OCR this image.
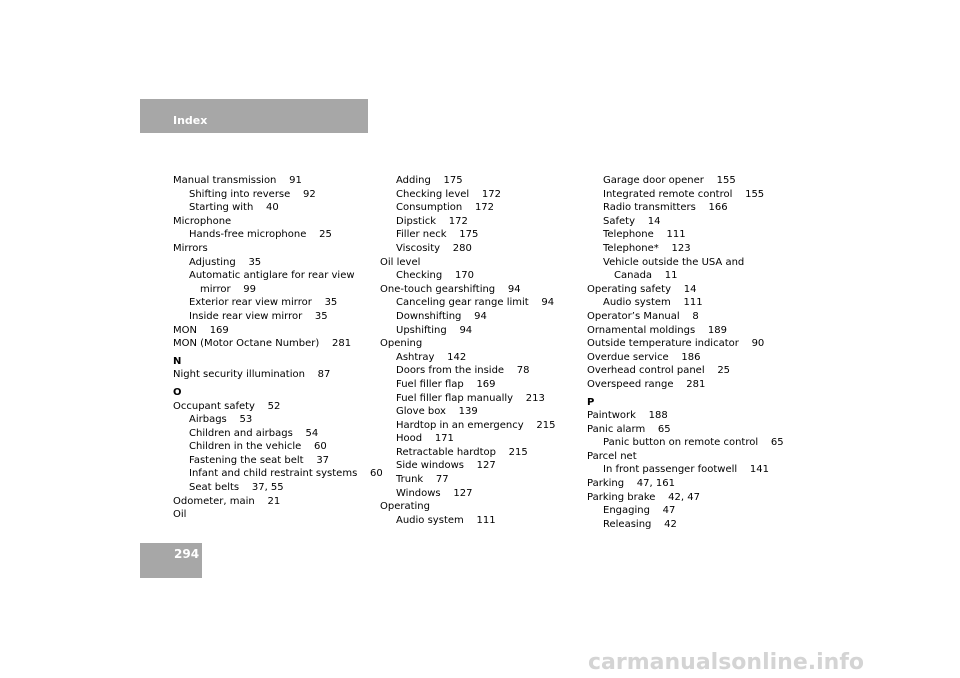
Index
Manual transmission    91
Shifting into reverse    92
Starting with    40
Microphone
Hands-free microphone    25
Mirrors
Adjusting    35
Automatic antiglare for rear view
mirror    99
Exterior rear view mirror    35
Inside rear view mirror    35
MON    169
MON (Motor Octane Number)    281
N
Night security illumination    87
O
Occupant safety    52
Airbags    53
Children and airbags    54
Children in the vehicle    60
Fastening the seat belt    37
Infant and child restraint systems    60
Seat belts    37, 55
Odometer, main    21
Oil
Adding    175
Checking level    172
Consumption    172
Dipstick    172
Filler neck    175
Viscosity    280
Oil level
Checking    170
One-touch gearshifting    94
Canceling gear range limit    94
Downshifting    94
Upshifting    94
Opening
Ashtray    142
Doors from the inside    78
Fuel filler flap    169
Fuel filler flap manually    213
Glove box    139
Hardtop in an emergency    215
Hood    171
Retractable hardtop    215
Side windows    127
Trunk    77
Windows    127
Operating
Audio system    111
Garage door opener    155
Integrated remote control    155
Radio transmitters    166
Safety    14
Telephone    111
Telephone*    123
Vehicle outside the USA and
Canada    11
Operating safety    14
Audio system    111
Operator’s Manual    8
Ornamental moldings    189
Outside temperature indicator    90
Overdue service    186
Overhead control panel    25
Overspeed range    281
P
Paintwork    188
Panic alarm    65
Panic button on remote control    65
Parcel net
In front passenger footwell    141
Parking    47, 161
Parking brake    42, 47
Engaging    47
Releasing    42
294
carmanualsonline.info
